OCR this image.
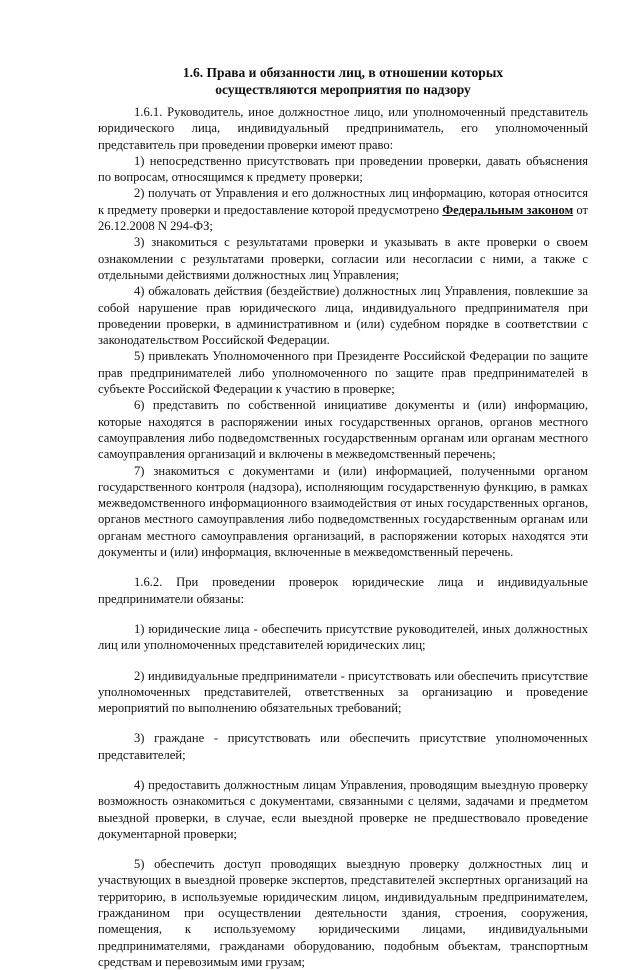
1.6. Права и обязанности лиц, в отношении которых
осуществляются мероприятия по надзору

1.6.1. Руководитель, иное должностное лицо, или уполномоченный представитель юридического лица, индивидуальный предприниматель, его уполномоченный представитель при проведении проверки имеют право:

1) непосредственно присутствовать при проведении проверки, давать объяснения по вопросам, относящимся к предмету проверки;

2) получать от Управления и его должностных лиц информацию, которая относится к предмету проверки и предоставление которой предусмотрено Федеральным законом от 26.12.2008 N 294-ФЗ;

3) знакомиться с результатами проверки и указывать в акте проверки о своем ознакомлении с результатами проверки, согласии или несогласии с ними, а также с отдельными действиями должностных лиц Управления;

4) обжаловать действия (бездействие) должностных лиц Управления, повлекшие за собой нарушение прав юридического лица, индивидуального предпринимателя при проведении проверки, в административном и (или) судебном порядке в соответствии с законодательством Российской Федерации.

5) привлекать Уполномоченного при Президенте Российской Федерации по защите прав предпринимателей либо уполномоченного по защите прав предпринимателей в субъекте Российской Федерации к участию в проверке;

6) представить по собственной инициативе документы и (или) информацию, которые находятся в распоряжении иных государственных органов, органов местного самоуправления либо подведомственных государственным органам или органам местного самоуправления организаций и включены в межведомственный перечень;

7) знакомиться с документами и (или) информацией, полученными органом государственного контроля (надзора), исполняющим государственную функцию, в рамках межведомственного информационного взаимодействия от иных государственных органов, органов местного самоуправления либо подведомственных государственным органам или органам местного самоуправления организаций, в распоряжении которых находятся эти документы и (или) информация, включенные в межведомственный перечень.

1.6.2. При проведении проверок юридические лица и индивидуальные предприниматели обязаны:

1) юридические лица - обеспечить присутствие руководителей, иных должностных лиц или уполномоченных представителей юридических лиц;

2) индивидуальные предприниматели - присутствовать или обеспечить присутствие уполномоченных представителей, ответственных за организацию и проведение мероприятий по выполнению обязательных требований;

3) граждане - присутствовать или обеспечить присутствие уполномоченных представителей;

4) предоставить должностным лицам Управления, проводящим выездную проверку возможность ознакомиться с документами, связанными с целями, задачами и предметом выездной проверки, в случае, если выездной проверке не предшествовало проведение документарной проверки;

5) обеспечить доступ проводящих выездную проверку должностных лиц и участвующих в выездной проверке экспертов, представителей экспертных организаций на территорию, в используемые юридическим лицом, индивидуальным предпринимателем, гражданином при осуществлении деятельности здания, строения, сооружения, помещения, к используемому юридическими лицами, индивидуальными предпринимателями, гражданами оборудованию, подобным объектам, транспортным средствам и перевозимым ими грузам;
